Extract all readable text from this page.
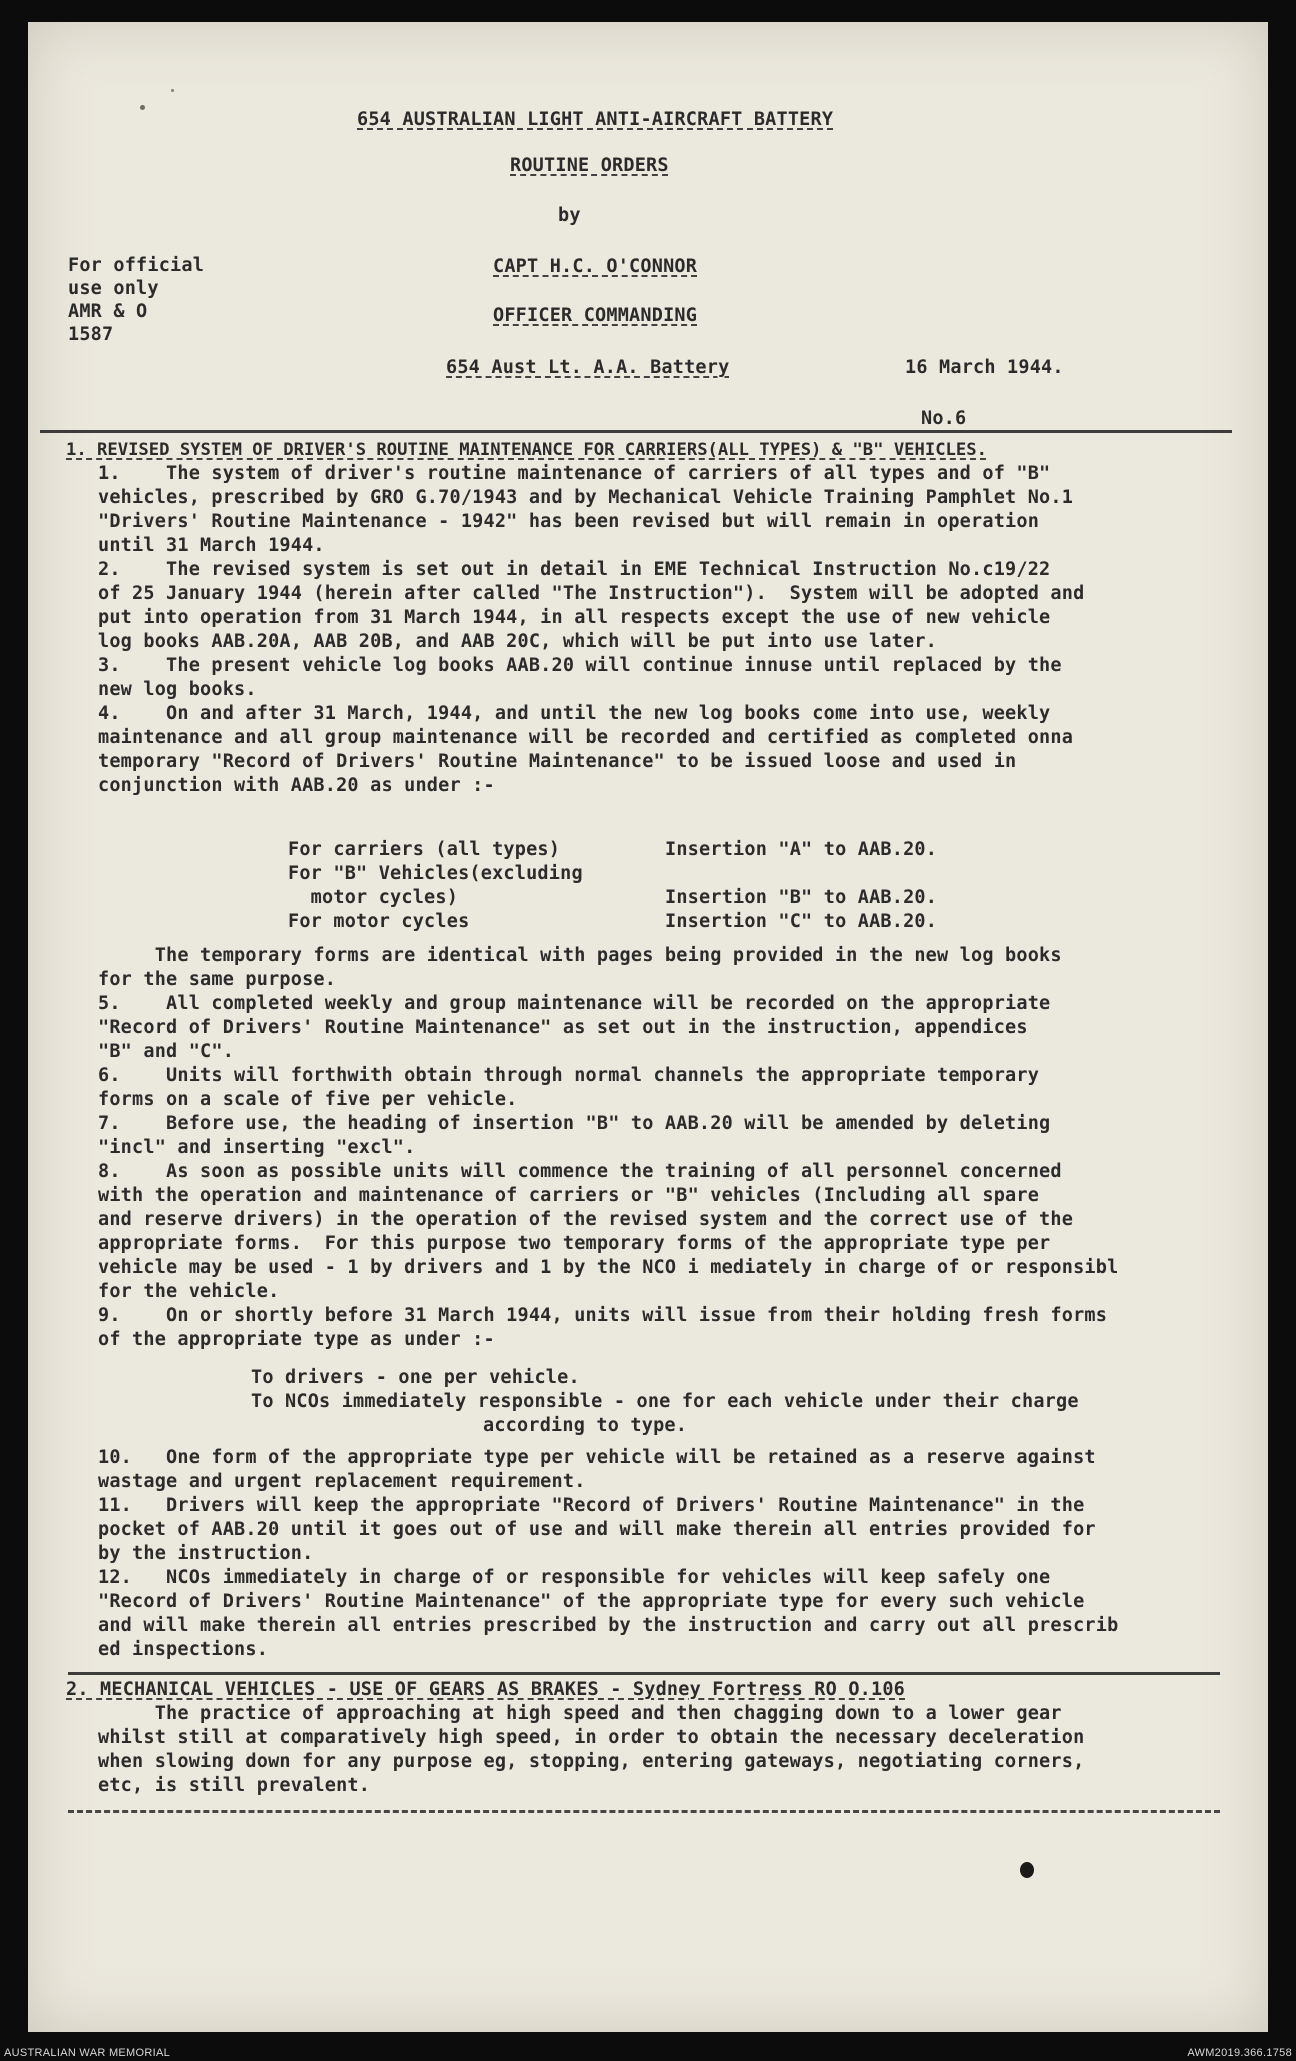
654 AUSTRALIAN LIGHT ANTI-AIRCRAFT BATTERY
ROUTINE ORDERS
by
For official
use only
AMR & O
1587
CAPT H.C. O'CONNOR
OFFICER COMMANDING
654 Aust Lt. A.A. Battery	16 March 1944.
No.6
1. REVISED SYSTEM OF DRIVER'S ROUTINE MAINTENANCE FOR CARRIERS(ALL TYPES) & "B" VEHICLES.
1.    The system of driver's routine maintenance of carriers of all types and of "B"
vehicles, prescribed by GRO G.70/1943 and by Mechanical Vehicle Training Pamphlet No.1
"Drivers' Routine Maintenance - 1942" has been revised but will remain in operation
until 31 March 1944.
2.    The revised system is set out in detail in EME Technical Instruction No.c19/22
of 25 January 1944 (herein after called "The Instruction").  System will be adopted and
put into operation from 31 March 1944, in all respects except the use of new vehicle
log books AAB.20A, AAB 20B, and AAB 20C, which will be put into use later.
3.    The present vehicle log books AAB.20 will continue innuse until replaced by the
new log books.
4.    On and after 31 March, 1944, and until the new log books come into use, weekly
maintenance and all group maintenance will be recorded and certified as completed onna
temporary "Record of Drivers' Routine Maintenance" to be issued loose and used in
conjunction with AAB.20 as under :-
For carriers (all types)	Insertion "A" to AAB.20.
For "B" Vehicles(excluding
motor cycles)	Insertion "B" to AAB.20.
For motor cycles	Insertion "C" to AAB.20.
The temporary forms are identical with pages being provided in the new log books
for the same purpose.
5.    All completed weekly and group maintenance will be recorded on the appropriate
"Record of Drivers' Routine Maintenance" as set out in the instruction, appendices
"B" and "C".
6.    Units will forthwith obtain through normal channels the appropriate temporary
forms on a scale of five per vehicle.
7.    Before use, the heading of insertion "B" to AAB.20 will be amended by deleting
"incl" and inserting "excl".
8.    As soon as possible units will commence the training of all personnel concerned
with the operation and maintenance of carriers or "B" vehicles (Including all spare
and reserve drivers) in the operation of the revised system and the correct use of the
appropriate forms.  For this purpose two temporary forms of the appropriate type per
vehicle may be used - 1 by drivers and 1 by the NCO i mediately in charge of or responsibl
for the vehicle.
9.    On or shortly before 31 March 1944, units will issue from their holding fresh forms
of the appropriate type as under :-
To drivers - one per vehicle.
To NCOs immediately responsible - one for each vehicle under their charge
according to type.
10.   One form of the appropriate type per vehicle will be retained as a reserve against
wastage and urgent replacement requirement.
11.   Drivers will keep the appropriate "Record of Drivers' Routine Maintenance" in the
pocket of AAB.20 until it goes out of use and will make therein all entries provided for
by the instruction.
12.   NCOs immediately in charge of or responsible for vehicles will keep safely one
"Record of Drivers' Routine Maintenance" of the appropriate type for every such vehicle
and will make therein all entries prescribed by the instruction and carry out all prescrib
ed inspections.
2. MECHANICAL VEHICLES - USE OF GEARS AS BRAKES - Sydney Fortress RO O.106
The practice of approaching at high speed and then chagging down to a lower gear
whilst still at comparatively high speed, in order to obtain the necessary deceleration
when slowing down for any purpose eg, stopping, entering gateways, negotiating corners,
etc, is still prevalent.
AUSTRALIAN WAR MEMORIAL	AWM2019.366.1758
